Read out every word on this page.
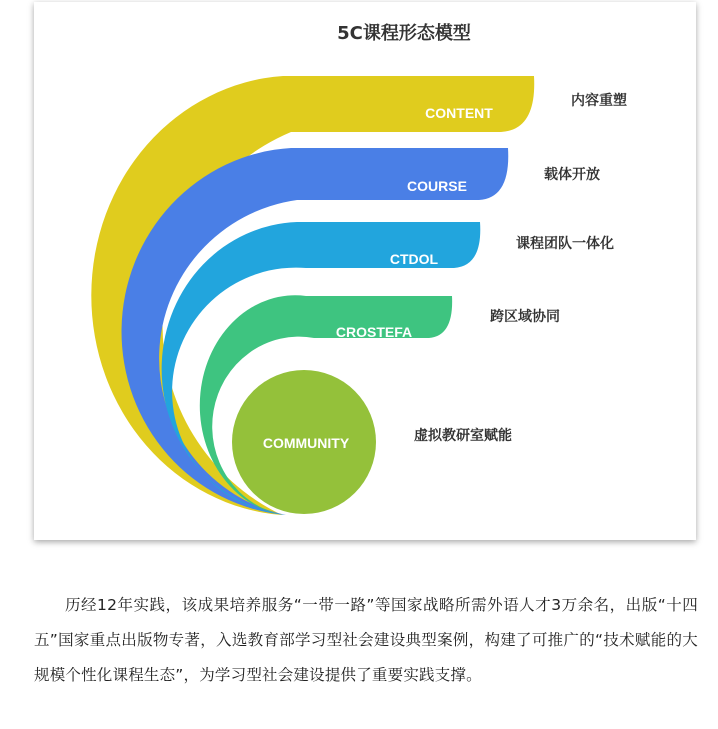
5C课程形态模型
CONTENT
COURSE
CTDOL
CROSTEFA
COMMUNITY
内容重塑
载体开放
课程团队一体化
跨区域协同
虚拟教研室赋能

历经12年实践，该成果培养服务“一带一路”等国家战略所需外语人才3万余名，出版“十四五”国家重点出版物专著，入选教育部学习型社会建设典型案例，构建了可推广的“技术赋能的大规模个性化课程生态”，为学习型社会建设提供了重要实践支撑。
